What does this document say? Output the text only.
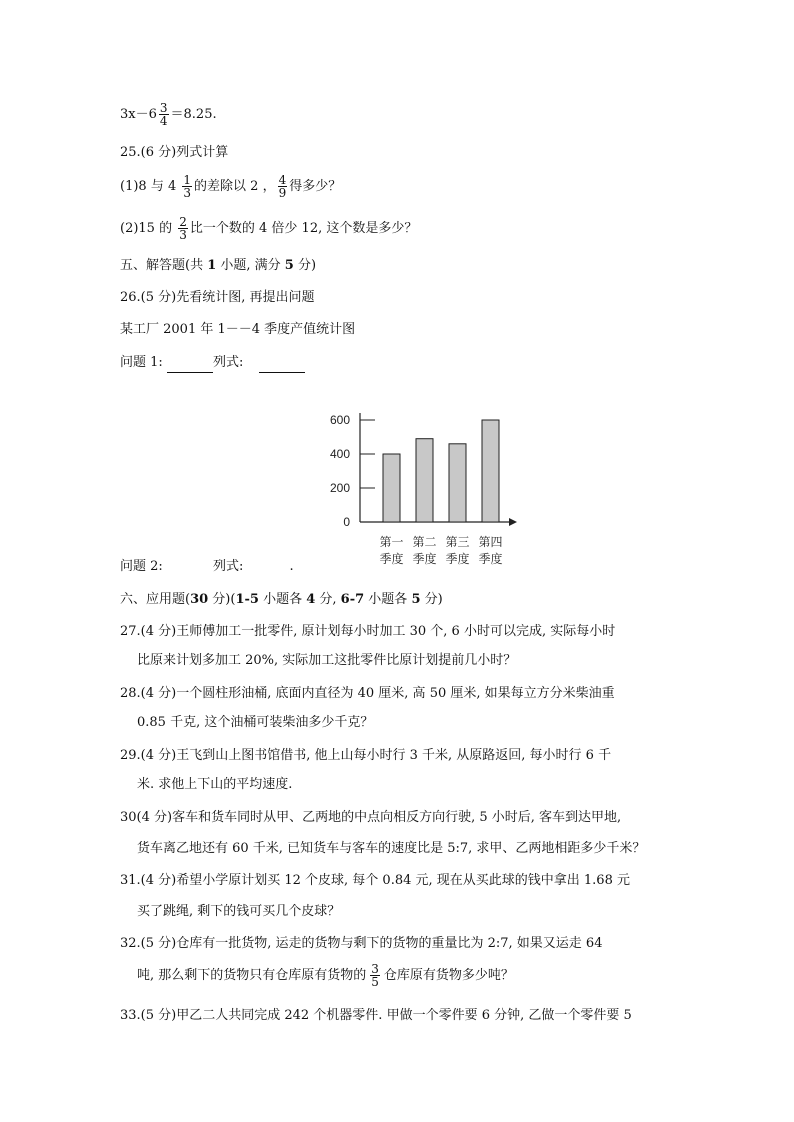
$3x-6 \frac{3}{4} =8.25$.
25.(6 分)列式计算
(1)8 与 $4 \frac{1}{3}$ 的差除以 2 ， $\frac{4}{9}$ 得多少？
(2)15 的 $\frac{2}{3}$ 比一个数的 4 倍少 12, 这个数是多少？
五、解答题(共 1 小题, 满分 5 分)
26.(5 分)先看统计图, 再提出问题
某工厂 2001 年 1－－4 季度产值统计图
问题 1:	列式:
0
200
400
600
第一
季度
第二
季度
第三
季度
第四
季度
问题 2:	列式:	.
六、应用题(30 分)(1-5 小题各 4 分, 6-7 小题各 5 分)
27.(4 分)王师傅加工一批零件, 原计划每小时加工 30 个, 6 小时可以完成, 实际每小时
比原来计划多加工 20%, 实际加工这批零件比原计划提前几小时？
28.(4 分)一个圆柱形油桶, 底面内直径为 40 厘米, 高 50 厘米, 如果每立方分米柴油重
0.85 千克, 这个油桶可装柴油多少千克？
29.(4 分)王飞到山上图书馆借书, 他上山每小时行 3 千米, 从原路返回, 每小时行 6 千
米. 求他上下山的平均速度.
30(4 分)客车和货车同时从甲、乙两地的中点向相反方向行驶, 5 小时后, 客车到达甲地,
货车离乙地还有 60 千米, 已知货车与客车的速度比是 5:7, 求甲、乙两地相距多少千米？
31.(4 分)希望小学原计划买 12 个皮球, 每个 0.84 元, 现在从买此球的钱中拿出 1.68 元
买了跳绳, 剩下的钱可买几个皮球？
32.(5 分)仓库有一批货物, 运走的货物与剩下的货物的重量比为 2:7, 如果又运走 64
吨, 那么剩下的货物只有仓库原有货物的 $\frac{3}{5}$ 仓库原有货物多少吨？
33.(5 分)甲乙二人共同完成 242 个机器零件. 甲做一个零件要 6 分钟, 乙做一个零件要 5
